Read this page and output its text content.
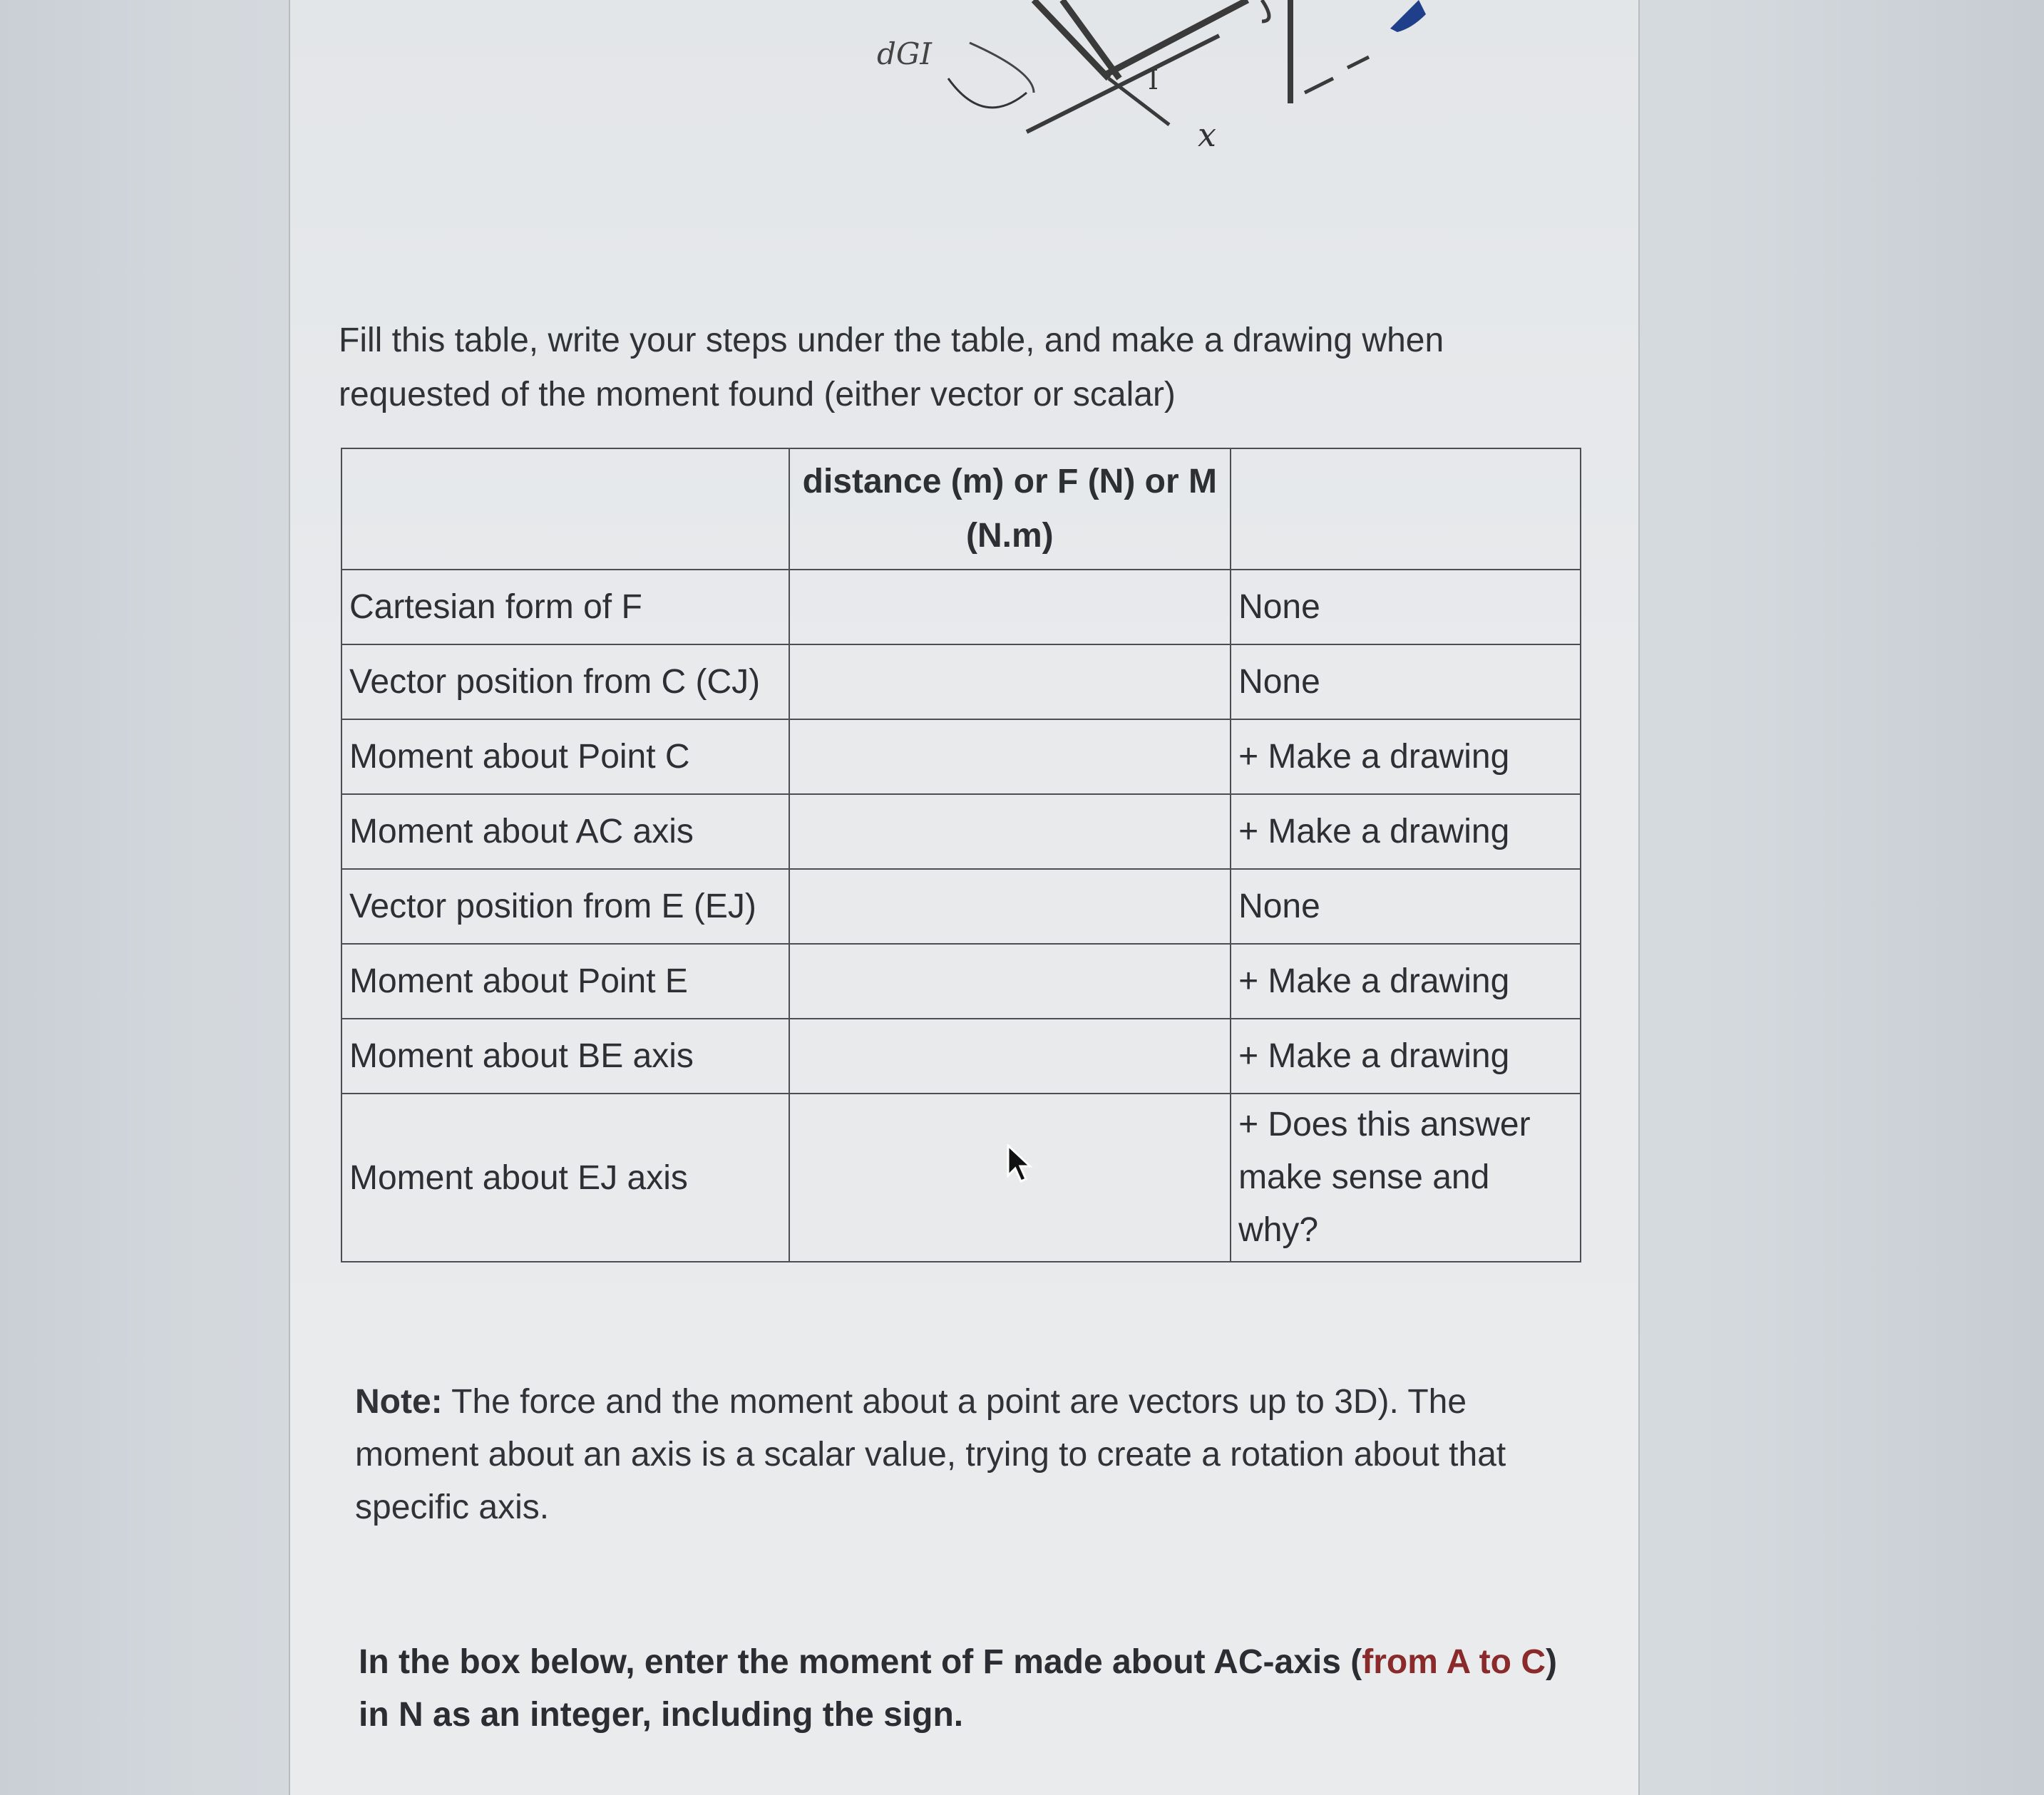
dGI
I
x
Fill this table, write your steps under the table, and make a drawing when requested of the moment found (either vector or scalar)
	distance (m) or F (N) or M (N.m)	
Cartesian form of F		None
Vector position from C (CJ)		None
Moment about Point C		+ Make a drawing
Moment about AC axis		+ Make a drawing
Vector position from E (EJ)		None
Moment about Point E		+ Make a drawing
Moment about BE axis		+ Make a drawing
Moment about EJ axis		+ Does this answer make sense and why?
Note: The force and the moment about a point are vectors up to 3D). The moment about an axis is a scalar value, trying to create a rotation about that specific axis.
In the box below, enter the moment of F made about AC-axis (from A to C) in N as an integer, including the sign.
